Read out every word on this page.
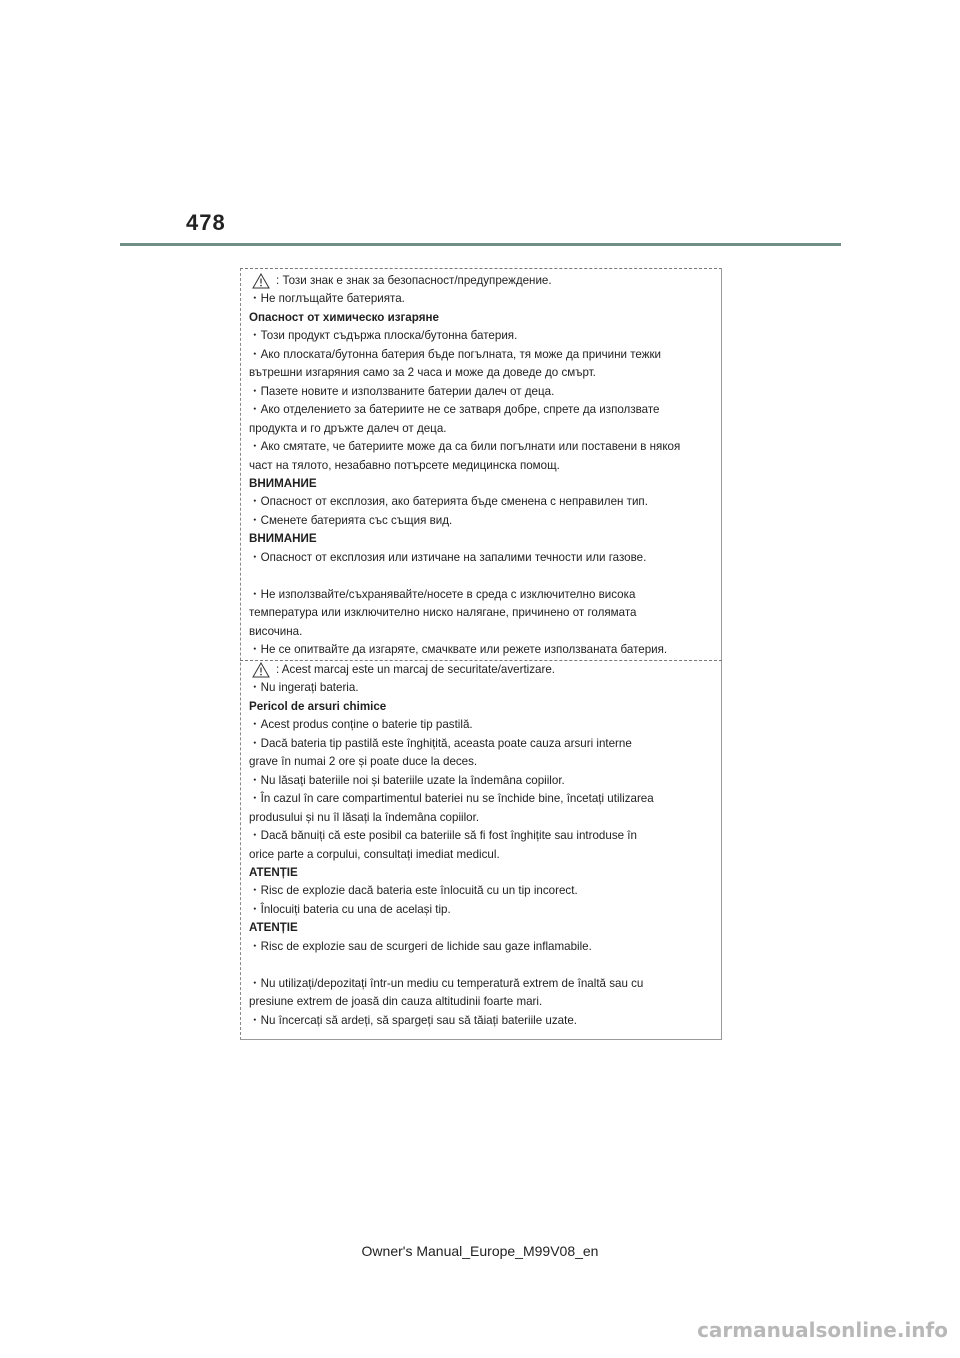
478
: Този знак е знак за безопасност/предупреждение.
・Не поглъщайте батерията.
Опасност от химическо изгаряне
・Този продукт съдържа плоска/бутонна батерия.
・Ако плоската/бутонна батерия бъде погълната, тя може да причини тежки
вътрешни изгаряния само за 2 часа и може да доведе до смърт.
・Пазете новите и използваните батерии далеч от деца.
・Ако отделението за батериите не се затваря добре, спрете да използвате
продукта и го дръжте далеч от деца.
・Ако смятате, че батериите може да са били погълнати или поставени в някоя
част на тялото, незабавно потърсете медицинска помощ.
ВНИМАНИЕ
・Опасност от експлозия, ако батерията бъде сменена с неправилен тип.
・Сменете батерията със същия вид.
ВНИМАНИЕ
・Опасност от експлозия или изтичане на запалими течности или газове.
・Не използвайте/съхранявайте/носете в среда с изключително висока
температура или изключително ниско налягане, причинено от голямата
височина.
・Не се опитвайте да изгаряте, смачквате или режете използваната батерия.
: Acest marcaj este un marcaj de securitate/avertizare.
・Nu ingerați bateria.
Pericol de arsuri chimice
・Acest produs conține o baterie tip pastilă.
・Dacă bateria tip pastilă este înghițită, aceasta poate cauza arsuri interne
grave în numai 2 ore și poate duce la deces.
・Nu lăsați bateriile noi și bateriile uzate la îndemâna copiilor.
・În cazul în care compartimentul bateriei nu se închide bine, încetați utilizarea
produsului și nu îl lăsați la îndemâna copiilor.
・Dacă bănuiți că este posibil ca bateriile să fi fost înghițite sau introduse în
orice parte a corpului, consultați imediat medicul.
ATENȚIE
・Risc de explozie dacă bateria este înlocuită cu un tip incorect.
・Înlocuiți bateria cu una de același tip.
ATENȚIE
・Risc de explozie sau de scurgeri de lichide sau gaze inflamabile.
・Nu utilizați/depozitați într-un mediu cu temperatură extrem de înaltă sau cu
presiune extrem de joasă din cauza altitudinii foarte mari.
・Nu încercați să ardeți, să spargeți sau să tăiați bateriile uzate.
Owner's Manual_Europe_M99V08_en
carmanualsonline.info
